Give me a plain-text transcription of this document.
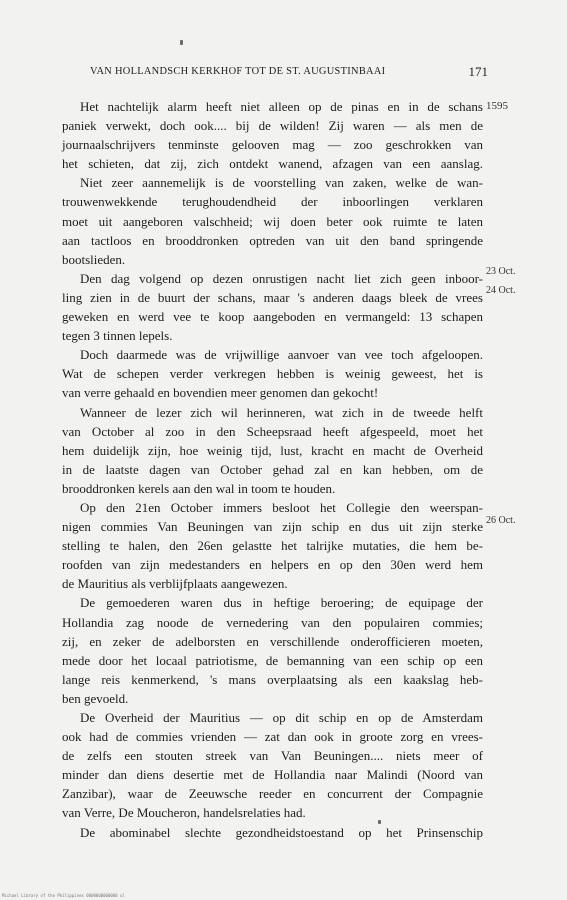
VAN HOLLANDSCH KERKHOF TOT DE ST. AUGUSTINBAAI	171
Het nachtelijk alarm heeft niet alleen op de pinas en in de schans
paniek verwekt, doch ook.... bij de wilden! Zij waren — als men de
journaalschrijvers tenminste gelooven mag — zoo geschrokken van
het schieten, dat zij, zich ontdekt wanend, afzagen van een aanslag.
Niet zeer aannemelijk is de voorstelling van zaken, welke de wan-
trouwenwekkende terughoudendheid der inboorlingen verklaren
moet uit aangeboren valschheid; wij doen beter ook ruimte te laten
aan tactloos en brooddronken optreden van uit den band springende
bootslieden.
Den dag volgend op dezen onrustigen nacht liet zich geen inboor-
ling zien in de buurt der schans, maar 's anderen daags bleek de vrees
geweken en werd vee te koop aangeboden en vermangeld: 13 schapen
tegen 3 tinnen lepels.
Doch daarmede was de vrijwillige aanvoer van vee toch afgeloopen.
Wat de schepen verder verkregen hebben is weinig geweest, het is
van verre gehaald en bovendien meer genomen dan gekocht!
Wanneer de lezer zich wil herinneren, wat zich in de tweede helft
van October al zoo in den Scheepsraad heeft afgespeeld, moet het
hem duidelijk zijn, hoe weinig tijd, lust, kracht en macht de Overheid
in de laatste dagen van October gehad zal en kan hebben, om de
brooddronken kerels aan den wal in toom te houden.
Op den 21en October immers besloot het Collegie den weerspan-
nigen commies Van Beuningen van zijn schip en dus uit zijn sterke
stelling te halen, den 26en gelastte het talrijke mutaties, die hem be-
roofden van zijn medestanders en helpers en op den 30en werd hem
de Mauritius als verblijfplaats aangewezen.
De gemoederen waren dus in heftige beroering; de equipage der
Hollandia zag noode de vernedering van den populairen commies;
zij, en zeker de adelborsten en verschillende onderofficieren moeten,
mede door het locaal patriotisme, de bemanning van een schip op een
lange reis kenmerkend, 's mans overplaatsing als een kaakslag heb-
ben gevoeld.
De Overheid der Mauritius — op dit schip en op de Amsterdam
ook had de commies vrienden — zat dan ook in groote zorg en vrees-
de zelfs een stouten streek van Van Beuningen.... niets meer of
minder dan diens desertie met de Hollandia naar Malindi (Noord van
Zanzibar), waar de Zeeuwsche reeder en concurrent der Compagnie
van Verre, De Moucheron, handelsrelaties had.
De abominabel slechte gezondheidstoestand op het Prinsenschip
1595
23 Oct.
24 Oct.
26 Oct.
Michael Library of the Philippines 0000000000000 ul
